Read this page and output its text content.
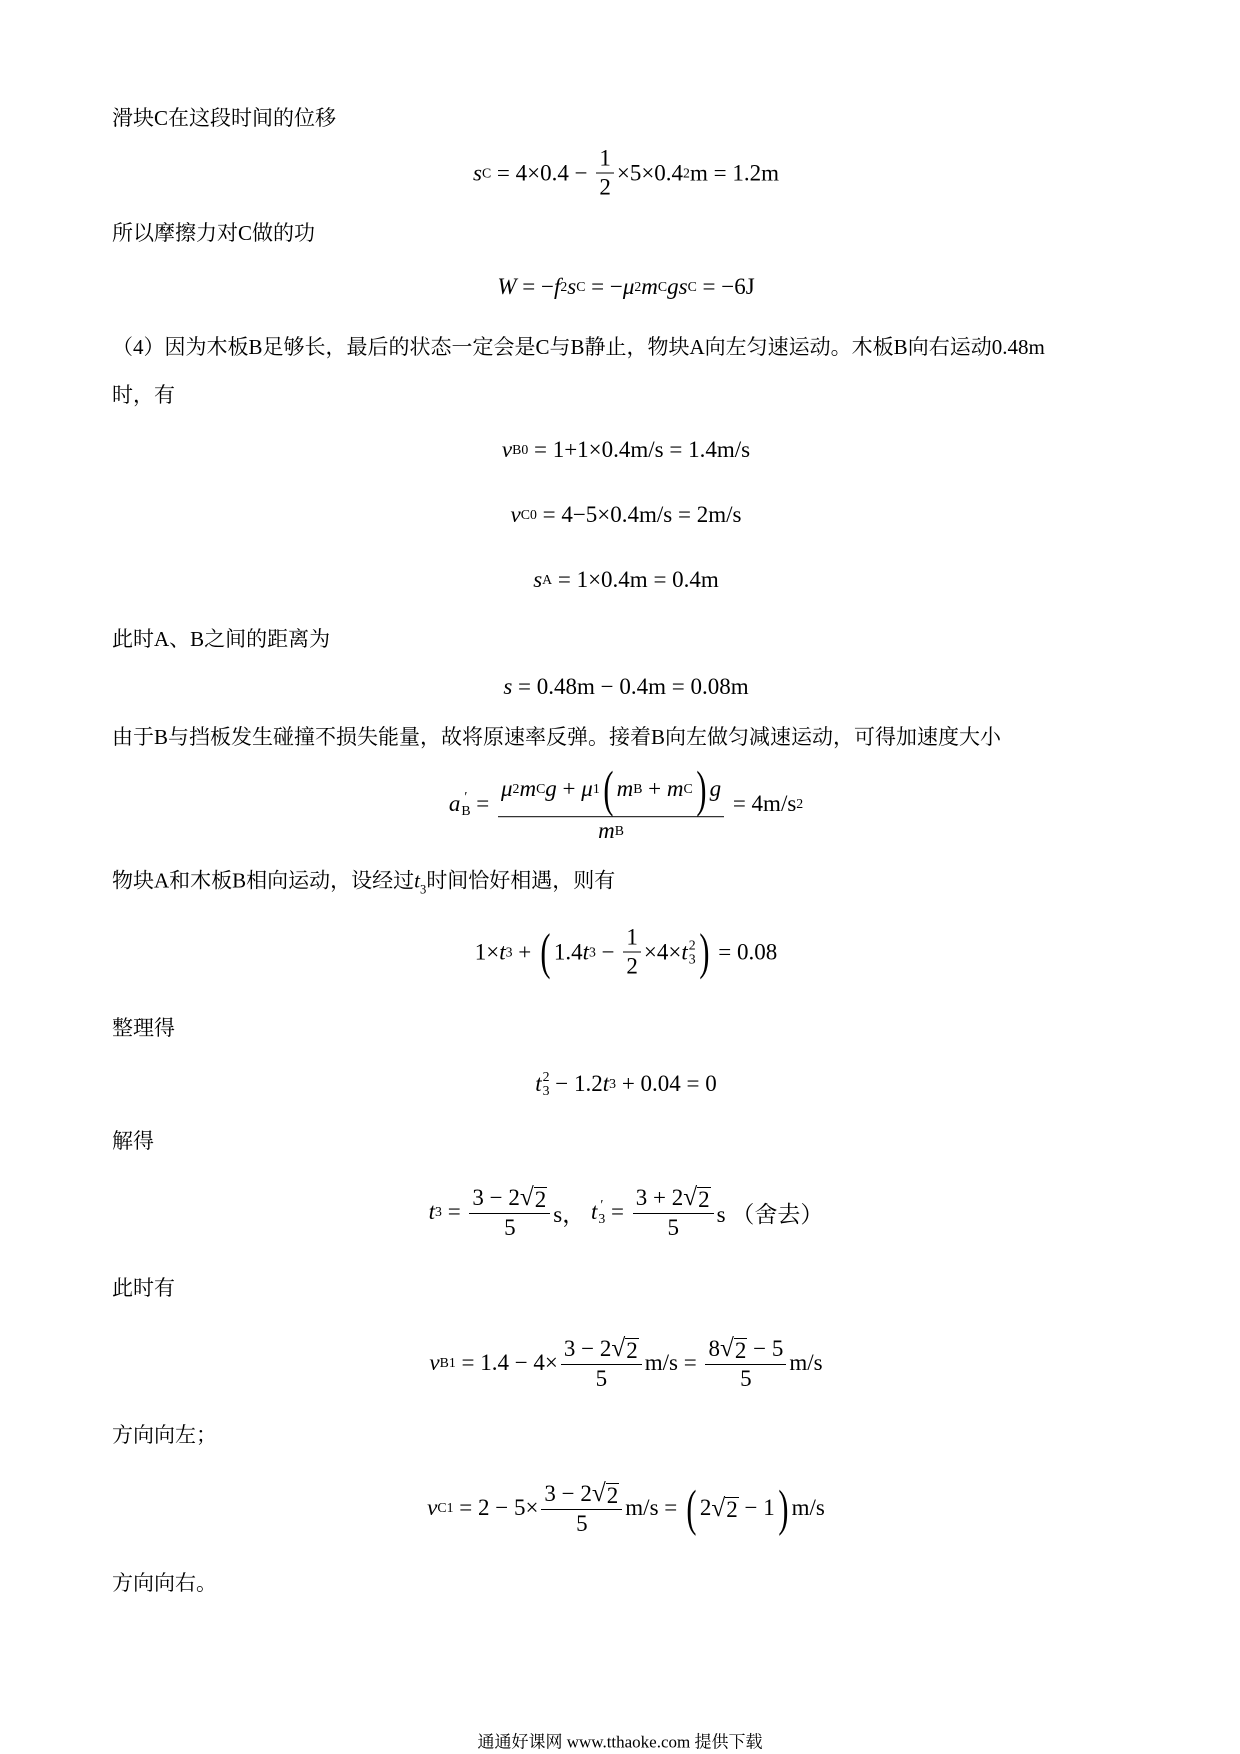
滑块C在这段时间的位移
s $C = 4\times 0.4 - \frac{1}{2} \times 5\times 0.4$ 2 m = 1.2m
所以摩擦力对C做的功
W = − f 2 s C = − μ 2 m C gs C = −6J
（4）因为木板B足够长，最后的状态一定会是C与B静止，物块A向左匀速运动。木板B向右运动0.48m
时，有
v B0 = 1+1×0.4m/s = 1.4m/s
v C0 = 4−5×0.4m/s = 2m/s
s A = 1×0.4m = 0.4m
此时A、B之间的距离为
s = 0.48m − 0.4m = 0.08m
由于B与挡板发生碰撞不损失能量，故将原速率反弹。接着B向左做匀减速运动，可得加速度大小
a ′
$B = \frac{\text{μ 2 m C g + μ 1 ( m B + m C ) g}}{\text{m B}} = 4m/s$ 2
物块A和木板B相向运动，设经过$t_3$时间恰好相遇，则有
1× t 3 + ( 1.4 t $3 - \frac{1}{2} \times 4\times t$ 2
3 ) = 0.08
整理得
t 2
3 − 1.2 t 3 + 0.04 = 0
解得
t $3 = \frac{3 - 2 √ 2}{5}$ s， t ′
$3 = \frac{3 + 2 √ 2}{5}$ s （舍去）
此时有
v $B1 = 1.4 - 4\times \frac{3 - 2 √ 2}{5} m/s = \frac{8 √ 2 - 5}{5} m/s$
方向向左；
v $C1 = 2 - 5\times \frac{3 - 2 √ 2}{5} m/s$ = ( 2 √ 2 − 1 ) m/s
方向向右。
通通好课网 www.tthaoke.com 提供下载
